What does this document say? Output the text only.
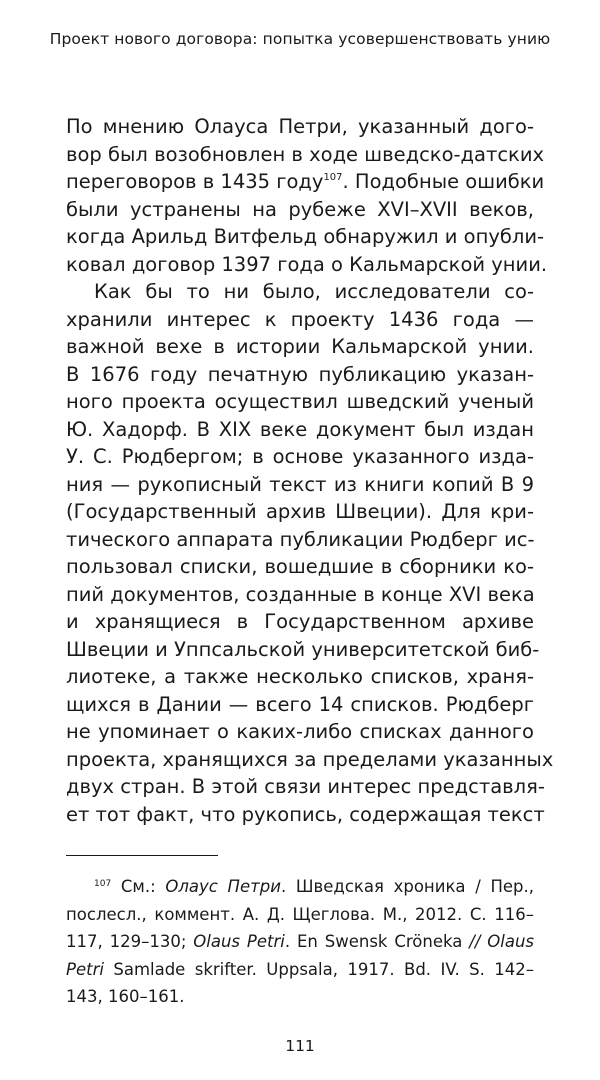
Проект нового договора: попытка усовершенствовать унию
По мнению Олауса Петри, указанный дого-
вор был возобновлен в ходе шведско-датских
переговоров в 1435 году$^{107}$. Подобные ошибки
были устранены на рубеже XVI–XVII веков,
когда Арильд Витфельд обнаружил и опубли-
ковал договор 1397 года о Кальмарской унии.
Как бы то ни было, исследователи со-
хранили интерес к проекту 1436 года —
важной вехе в истории Кальмарской унии.
В 1676 году печатную публикацию указан-
ного проекта осуществил шведский ученый
Ю. Хадорф. В XIX веке документ был издан
У. С. Рюдбергом; в основе указанного изда-
ния — рукописный текст из книги копий B 9
(Государственный архив Швеции). Для кри-
тического аппарата публикации Рюдберг ис-
пользовал списки, вошедшие в сборники ко-
пий документов, созданные в конце XVI века
и хранящиеся в Государственном архиве
Швеции и Уппсальской университетской биб-
лиотеке, а также несколько списков, храня-
щихся в Дании — всего 14 списков. Рюдберг
не упоминает о каких-либо списках данного
проекта, хранящихся за пределами указанных
двух стран. В этой связи интерес представля-
ет тот факт, что рукопись, содержащая текст
$^{107}$ См.: Олаус Петри. Шведская хроника / Пер.,
послесл., коммент. А. Д. Щеглова. М., 2012. С. 116–
117, 129–130; Olaus Petri. En Swensk Cröneka // Olaus
Petri Samlade skrifter. Uppsala, 1917. Bd. IV. S. 142–
143, 160–161.
111
